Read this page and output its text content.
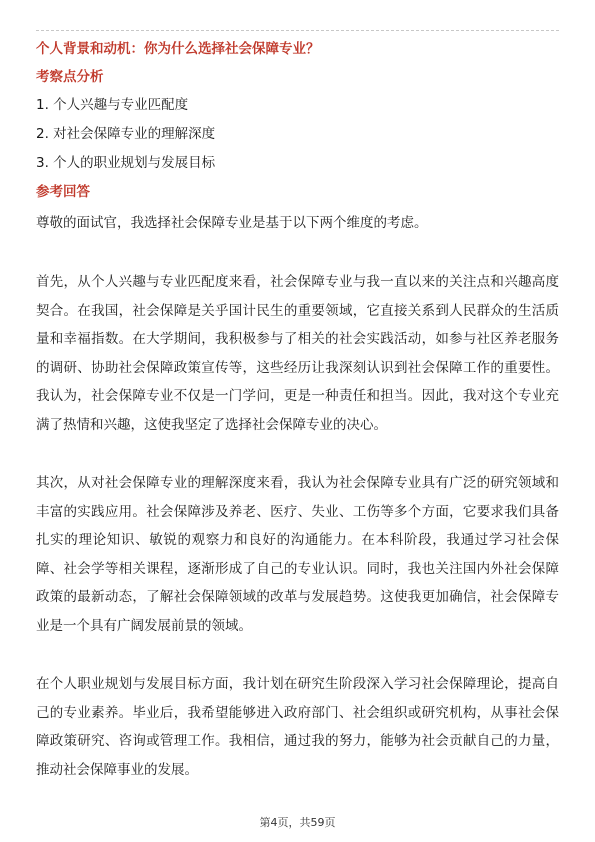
个人背景和动机：你为什么选择社会保障专业？
考察点分析
1. 个人兴趣与专业匹配度
2. 对社会保障专业的理解深度
3. 个人的职业规划与发展目标
参考回答

尊敬的面试官，我选择社会保障专业是基于以下两个维度的考虑。

首先，从个人兴趣与专业匹配度来看，社会保障专业与我一直以来的关注点和兴趣高度契合。在我国，社会保障是关乎国计民生的重要领域，它直接关系到人民群众的生活质量和幸福指数。在大学期间，我积极参与了相关的社会实践活动，如参与社区养老服务的调研、协助社会保障政策宣传等，这些经历让我深刻认识到社会保障工作的重要性。我认为，社会保障专业不仅是一门学问，更是一种责任和担当。因此，我对这个专业充满了热情和兴趣，这使我坚定了选择社会保障专业的决心。

其次，从对社会保障专业的理解深度来看，我认为社会保障专业具有广泛的研究领域和丰富的实践应用。社会保障涉及养老、医疗、失业、工伤等多个方面，它要求我们具备扎实的理论知识、敏锐的观察力和良好的沟通能力。在本科阶段，我通过学习社会保障、社会学等相关课程，逐渐形成了自己的专业认识。同时，我也关注国内外社会保障政策的最新动态，了解社会保障领域的改革与发展趋势。这使我更加确信，社会保障专业是一个具有广阔发展前景的领域。

在个人职业规划与发展目标方面，我计划在研究生阶段深入学习社会保障理论，提高自己的专业素养。毕业后，我希望能够进入政府部门、社会组织或研究机构，从事社会保障政策研究、咨询或管理工作。我相信，通过我的努力，能够为社会贡献自己的力量，推动社会保障事业的发展。

第4页，共59页
